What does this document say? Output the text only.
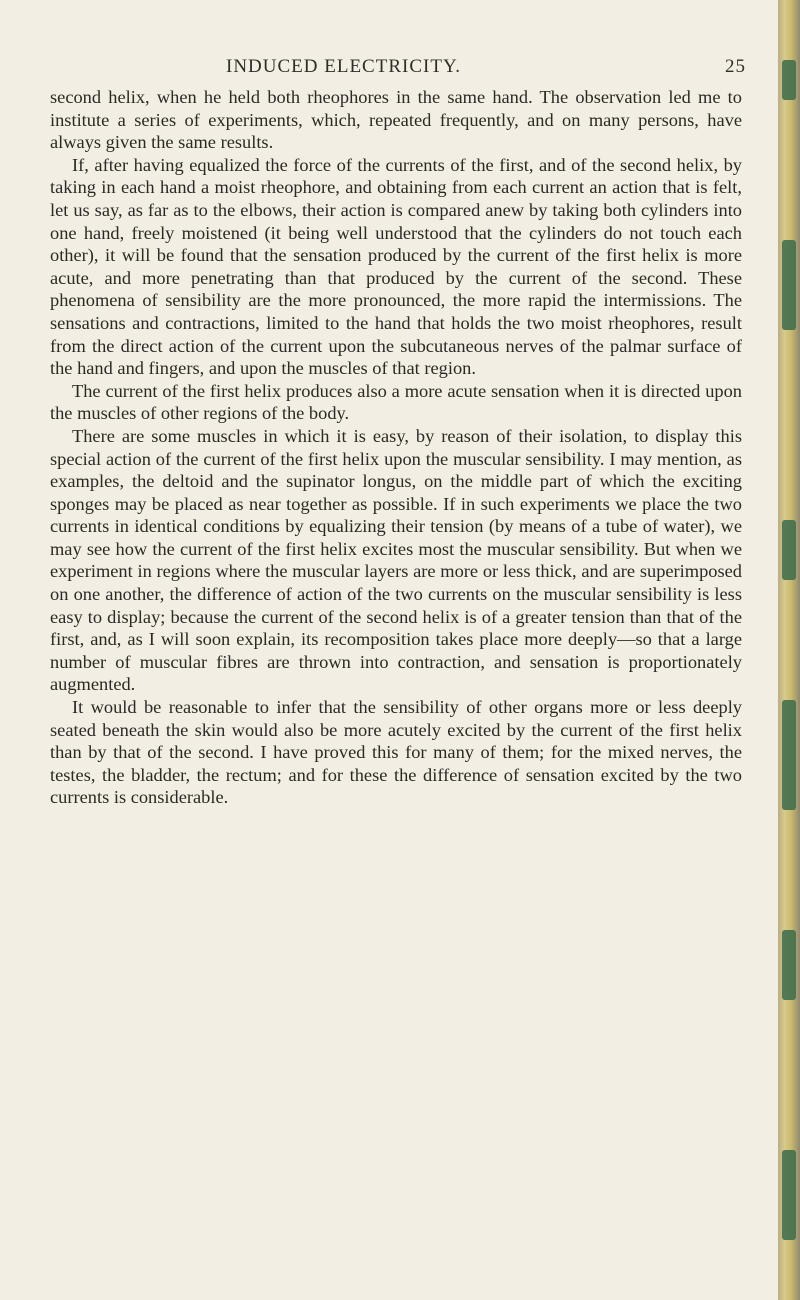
INDUCED ELECTRICITY.	25

second helix, when he held both rheophores in the same hand. The observation led me to institute a series of experiments, which, repeated frequently, and on many persons, have always given the same results.

If, after having equalized the force of the currents of the first, and of the second helix, by taking in each hand a moist rheophore, and obtaining from each current an action that is felt, let us say, as far as to the elbows, their action is compared anew by taking both cylinders into one hand, freely moistened (it being well understood that the cylinders do not touch each other), it will be found that the sensation produced by the current of the first helix is more acute, and more penetrating than that produced by the current of the second. These phenomena of sensibility are the more pronounced, the more rapid the intermissions. The sensations and contractions, limited to the hand that holds the two moist rheophores, result from the direct action of the current upon the subcutaneous nerves of the palmar surface of the hand and fingers, and upon the muscles of that region.

The current of the first helix produces also a more acute sensation when it is directed upon the muscles of other regions of the body.

There are some muscles in which it is easy, by reason of their isolation, to display this special action of the current of the first helix upon the muscular sensibility. I may mention, as examples, the deltoid and the supinator longus, on the middle part of which the exciting sponges may be placed as near together as possible. If in such experiments we place the two currents in identical conditions by equalizing their tension (by means of a tube of water), we may see how the current of the first helix excites most the muscular sensibility. But when we experiment in regions where the muscular layers are more or less thick, and are superimposed on one another, the difference of action of the two currents on the muscular sensibility is less easy to display; because the current of the second helix is of a greater tension than that of the first, and, as I will soon explain, its recomposition takes place more deeply—so that a large number of muscular fibres are thrown into contraction, and sensation is proportionately augmented.

It would be reasonable to infer that the sensibility of other organs more or less deeply seated beneath the skin would also be more acutely excited by the current of the first helix than by that of the second. I have proved this for many of them; for the mixed nerves, the testes, the bladder, the rectum; and for these the difference of sensation excited by the two currents is considerable.
